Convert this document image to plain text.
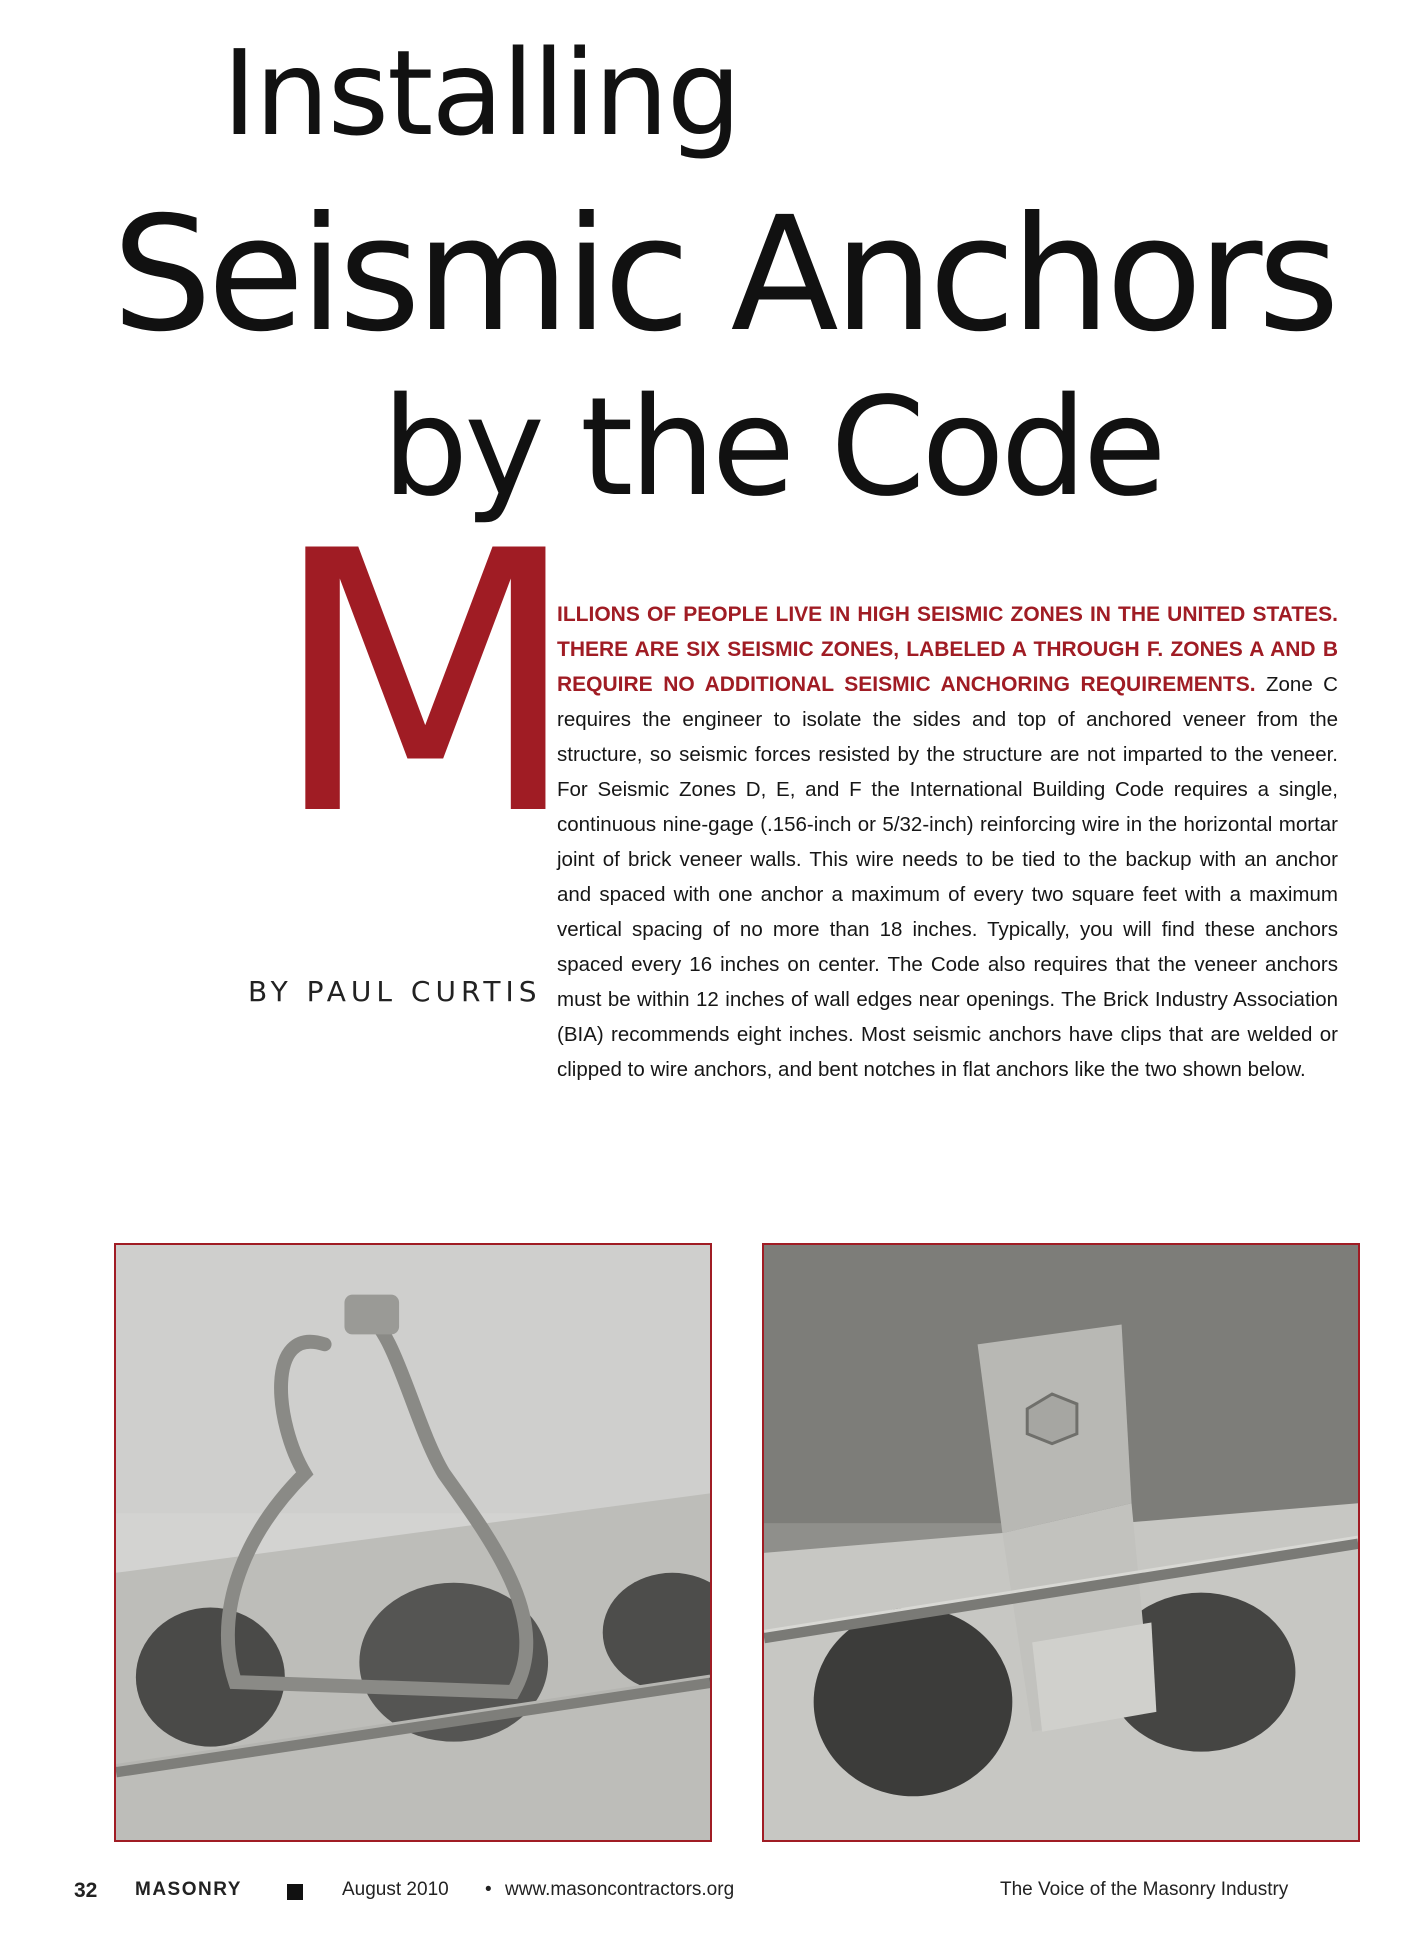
Installing
Seismic Anchors
by the Code
M
BY PAUL CURTIS

ILLIONS OF PEOPLE LIVE IN HIGH SEISMIC ZONES IN THE UNITED STATES. THERE ARE SIX SEISMIC ZONES, LABELED A THROUGH F. ZONES A AND B REQUIRE NO ADDITIONAL SEISMIC ANCHORING REQUIREMENTS. Zone C requires the engineer to isolate the sides and top of anchored veneer from the structure, so seismic forces resisted by the structure are not imparted to the veneer. For Seismic Zones D, E, and F the International Building Code requires a single, continuous nine-gage (.156-inch or 5/32-inch) reinforcing wire in the horizontal mortar joint of brick veneer walls. This wire needs to be tied to the backup with an anchor and spaced with one anchor a maximum of every two square feet with a maximum vertical spacing of no more than 18 inches. Typically, you will find these anchors spaced every 16 inches on center. The Code also requires that the veneer anchors must be within 12 inches of wall edges near openings. The Brick Industry Association (BIA) recommends eight inches. Most seismic anchors have clips that are welded or clipped to wire anchors, and bent notches in flat anchors like the two shown below.

32 MASONRY	August 2010 • www.masoncontractors.org	The Voice of the Masonry Industry
